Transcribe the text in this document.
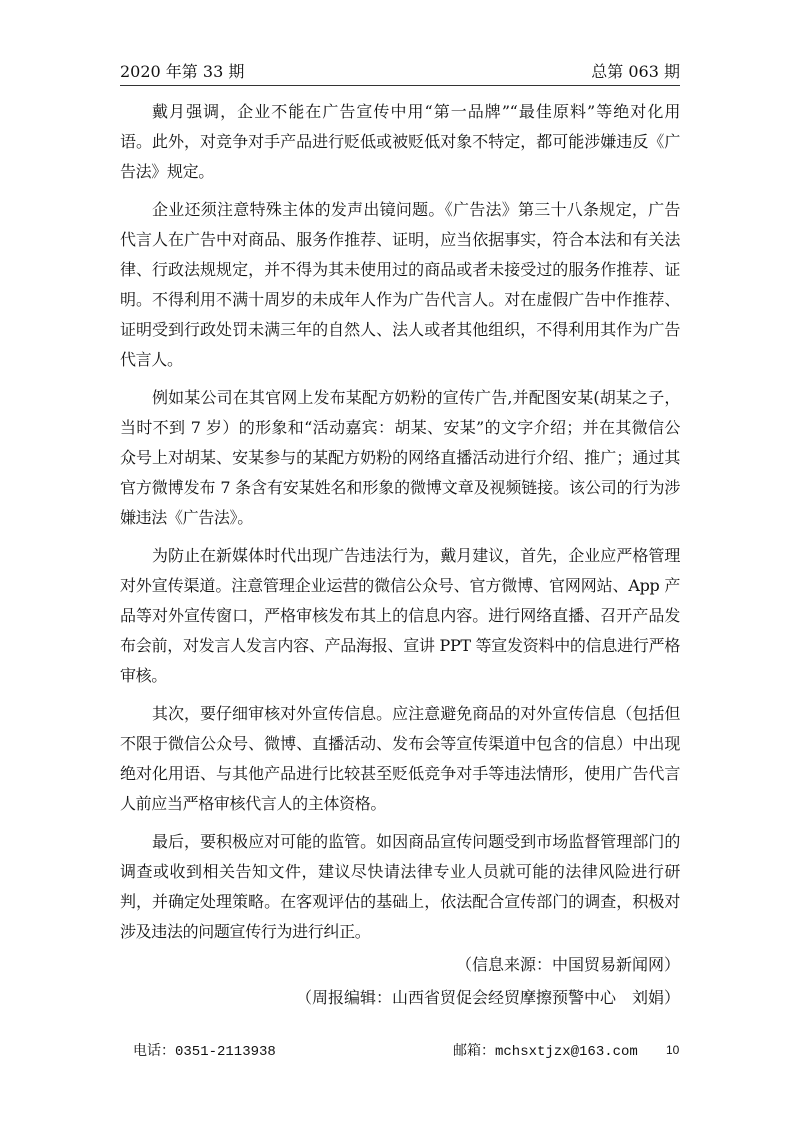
2020 年第 33 期	总第 063 期
戴月强调，企业不能在广告宣传中用“第一品牌”“最佳原料”等绝对化用
语。此外，对竞争对手产品进行贬低或被贬低对象不特定，都可能涉嫌违反《广
告法》规定。
企业还须注意特殊主体的发声出镜问题。《广告法》第三十八条规定，广告
代言人在广告中对商品、服务作推荐、证明，应当依据事实，符合本法和有关法
律、行政法规规定，并不得为其未使用过的商品或者未接受过的服务作推荐、证
明。不得利用不满十周岁的未成年人作为广告代言人。对在虚假广告中作推荐、
证明受到行政处罚未满三年的自然人、法人或者其他组织，不得利用其作为广告
代言人。
例如某公司在其官网上发布某配方奶粉的宣传广告,并配图安某(胡某之子，
当时不到 7 岁）的形象和“活动嘉宾：胡某、安某”的文字介绍；并在其微信公
众号上对胡某、安某参与的某配方奶粉的网络直播活动进行介绍、推广；通过其
官方微博发布 7 条含有安某姓名和形象的微博文章及视频链接。该公司的行为涉
嫌违法《广告法》。
为防止在新媒体时代出现广告违法行为，戴月建议，首先，企业应严格管理
对外宣传渠道。注意管理企业运营的微信公众号、官方微博、官网网站、App 产
品等对外宣传窗口，严格审核发布其上的信息内容。进行网络直播、召开产品发
布会前，对发言人发言内容、产品海报、宣讲 PPT 等宣发资料中的信息进行严格
审核。
其次，要仔细审核对外宣传信息。应注意避免商品的对外宣传信息（包括但
不限于微信公众号、微博、直播活动、发布会等宣传渠道中包含的信息）中出现
绝对化用语、与其他产品进行比较甚至贬低竞争对手等违法情形，使用广告代言
人前应当严格审核代言人的主体资格。
最后，要积极应对可能的监管。如因商品宣传问题受到市场监督管理部门的
调查或收到相关告知文件，建议尽快请法律专业人员就可能的法律风险进行研
判，并确定处理策略。在客观评估的基础上，依法配合宣传部门的调查，积极对
涉及违法的问题宣传行为进行纠正。
（信息来源：中国贸易新闻网）
（周报编辑：山西省贸促会经贸摩擦预警中心　刘娟）
电话：0351-2113938	邮箱：mchsxtjzx@163.com 10
